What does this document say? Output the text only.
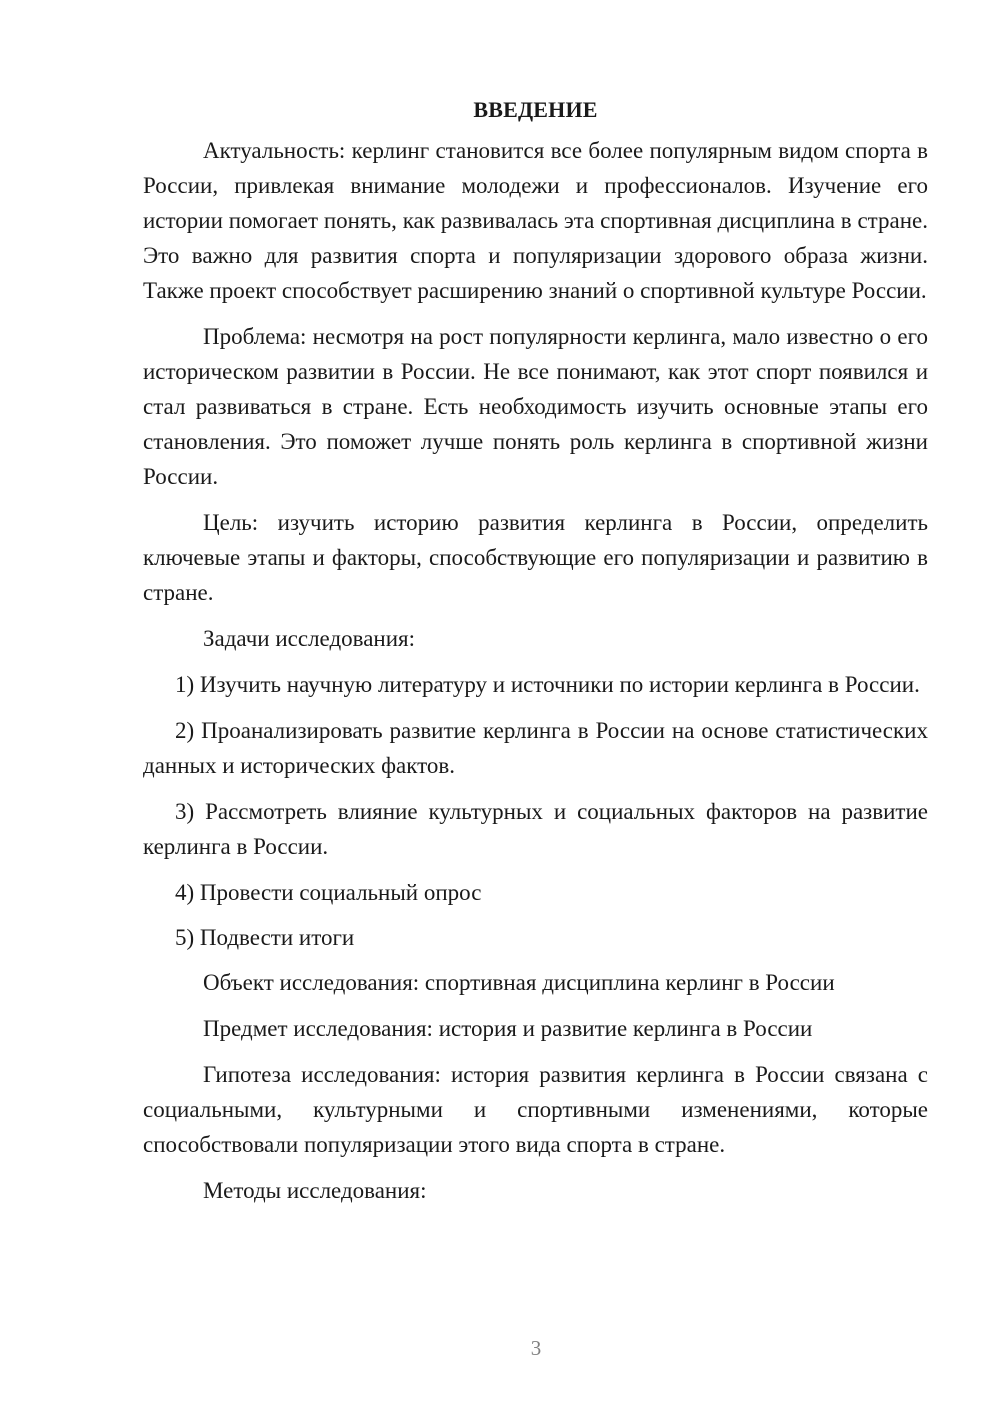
ВВЕДЕНИЕ

Актуальность: керлинг становится все более популярным видом спорта в России, привлекая внимание молодежи и профессионалов. Изучение его истории помогает понять, как развивалась эта спортивная дисциплина в стране. Это важно для развития спорта и популяризации здорового образа жизни. Также проект способствует расширению знаний о спортивной культуре России.

Проблема: несмотря на рост популярности керлинга, мало известно о его историческом развитии в России. Не все понимают, как этот спорт появился и стал развиваться в стране. Есть необходимость изучить основные этапы его становления. Это поможет лучше понять роль керлинга в спортивной жизни России.

Цель: изучить историю развития керлинга в России, определить ключевые этапы и факторы, способствующие его популяризации и развитию в стране.

Задачи исследования:

1) Изучить научную литературу и источники по истории керлинга в России.

2) Проанализировать развитие керлинга в России на основе статистических данных и исторических фактов.

3) Рассмотреть влияние культурных и социальных факторов на развитие керлинга в России.

4) Провести социальный опрос

5) Подвести итоги

Объект исследования: спортивная дисциплина керлинг в России

Предмет исследования: история и развитие керлинга в России

Гипотеза исследования: история развития керлинга в России связана с социальными, культурными и спортивными изменениями, которые способствовали популяризации этого вида спорта в стране.

Методы исследования:

3
